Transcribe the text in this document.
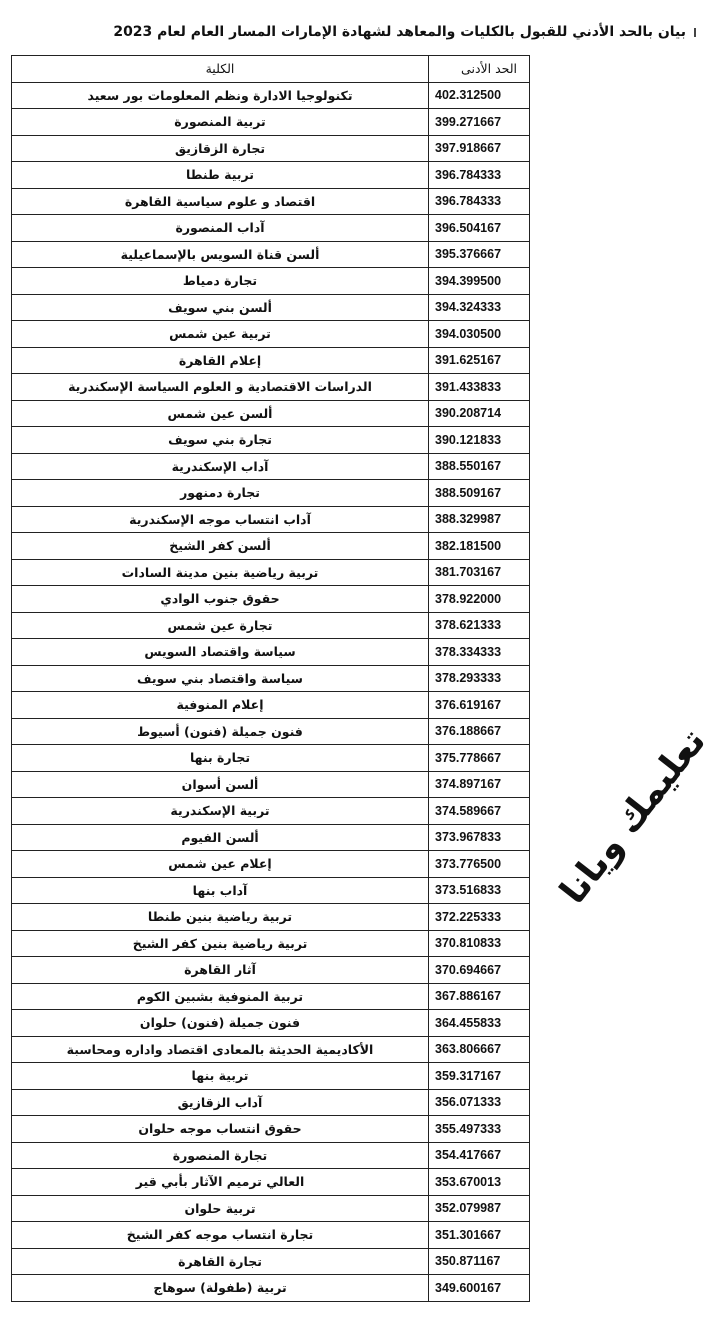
بيان بالحد الأدني للقبول بالكليات والمعاهد لشهادة الإمارات المسار العام لعام 2023
الحد الأدنى	الكلية
402.312500	تكنولوجيا الادارة ونظم المعلومات بور سعيد
399.271667	تربية المنصورة
397.918667	تجارة الزقازيق
396.784333	تربية طنطا
396.784333	اقتصاد و علوم سياسية القاهرة
396.504167	آداب المنصورة
395.376667	ألسن قناة السويس بالإسماعيلية
394.399500	تجارة دمياط
394.324333	ألسن بني سويف
394.030500	تربية عين شمس
391.625167	إعلام القاهرة
391.433833	الدراسات الاقتصادية و العلوم السياسة الإسكندرية
390.208714	ألسن عين شمس
390.121833	تجارة بني سويف
388.550167	آداب الإسكندرية
388.509167	تجارة دمنهور
388.329987	آداب انتساب موجه الإسكندرية
382.181500	ألسن كفر الشيخ
381.703167	تربية رياضية بنين مدينة السادات
378.922000	حقوق جنوب الوادي
378.621333	تجارة عين شمس
378.334333	سياسة واقتصاد السويس
378.293333	سياسة واقتصاد بني سويف
376.619167	إعلام المنوفية
376.188667	فنون جميلة (فنون) أسيوط
375.778667	تجارة بنها
374.897167	ألسن أسوان
374.589667	تربية الإسكندرية
373.967833	ألسن الفيوم
373.776500	إعلام عين شمس
373.516833	آداب بنها
372.225333	تربية رياضية بنين طنطا
370.810833	تربية رياضية بنين كفر الشيخ
370.694667	آثار القاهرة
367.886167	تربية المنوفية بشبين الكوم
364.455833	فنون جميلة (فنون) حلوان
363.806667	الأكاديمية الحديثة بالمعادى اقتصاد واداره ومحاسبة
359.317167	تربية بنها
356.071333	آداب الزقازيق
355.497333	حقوق انتساب موجه حلوان
354.417667	تجارة المنصورة
353.670013	العالي ترميم الآثار بأبي قير
352.079987	تربية حلوان
351.301667	تجارة انتساب موجه كفر الشيخ
350.871167	تجارة القاهرة
349.600167	تربية (طفولة) سوهاج
تعليمك ويانا
